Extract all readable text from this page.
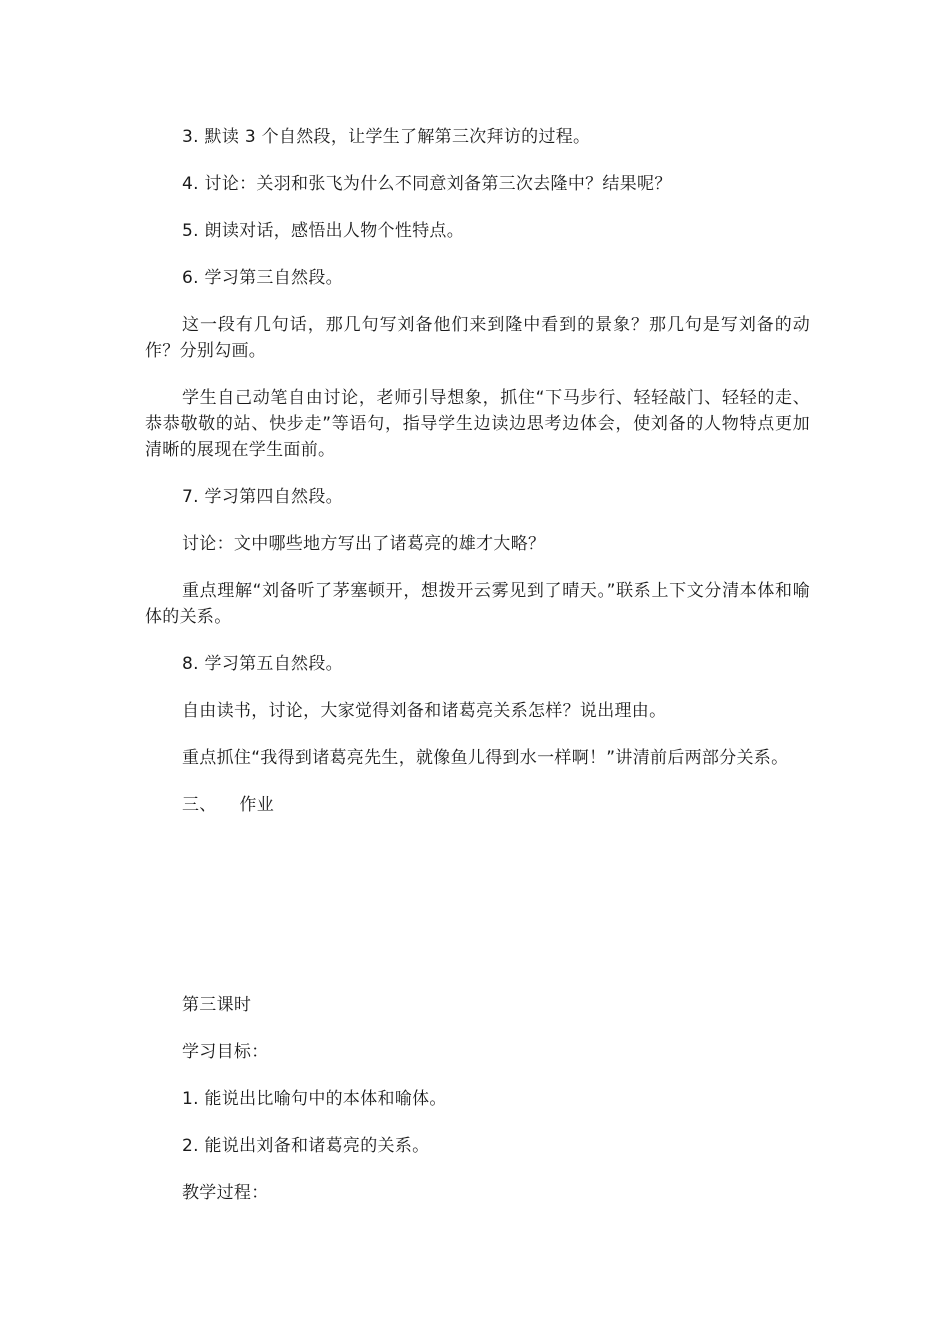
3. 默读 3 个自然段，让学生了解第三次拜访的过程。

4. 讨论：关羽和张飞为什么不同意刘备第三次去隆中？结果呢？

5. 朗读对话，感悟出人物个性特点。

6. 学习第三自然段。

这一段有几句话，那几句写刘备他们来到隆中看到的景象？那几句是写刘备的动作？分别勾画。

学生自己动笔自由讨论，老师引导想象，抓住“下马步行、轻轻敲门、轻轻的走、恭恭敬敬的站、快步走”等语句，指导学生边读边思考边体会，使刘备的人物特点更加清晰的展现在学生面前。

7. 学习第四自然段。

讨论：文中哪些地方写出了诸葛亮的雄才大略？

重点理解“刘备听了茅塞顿开，想拨开云雾见到了晴天。”联系上下文分清本体和喻体的关系。

8. 学习第五自然段。

自由读书，讨论，大家觉得刘备和诸葛亮关系怎样？说出理由。

重点抓住“我得到诸葛亮先生，就像鱼儿得到水一样啊！”讲清前后两部分关系。

三、    作业

第三课时

学习目标：

1. 能说出比喻句中的本体和喻体。

2. 能说出刘备和诸葛亮的关系。

教学过程：
